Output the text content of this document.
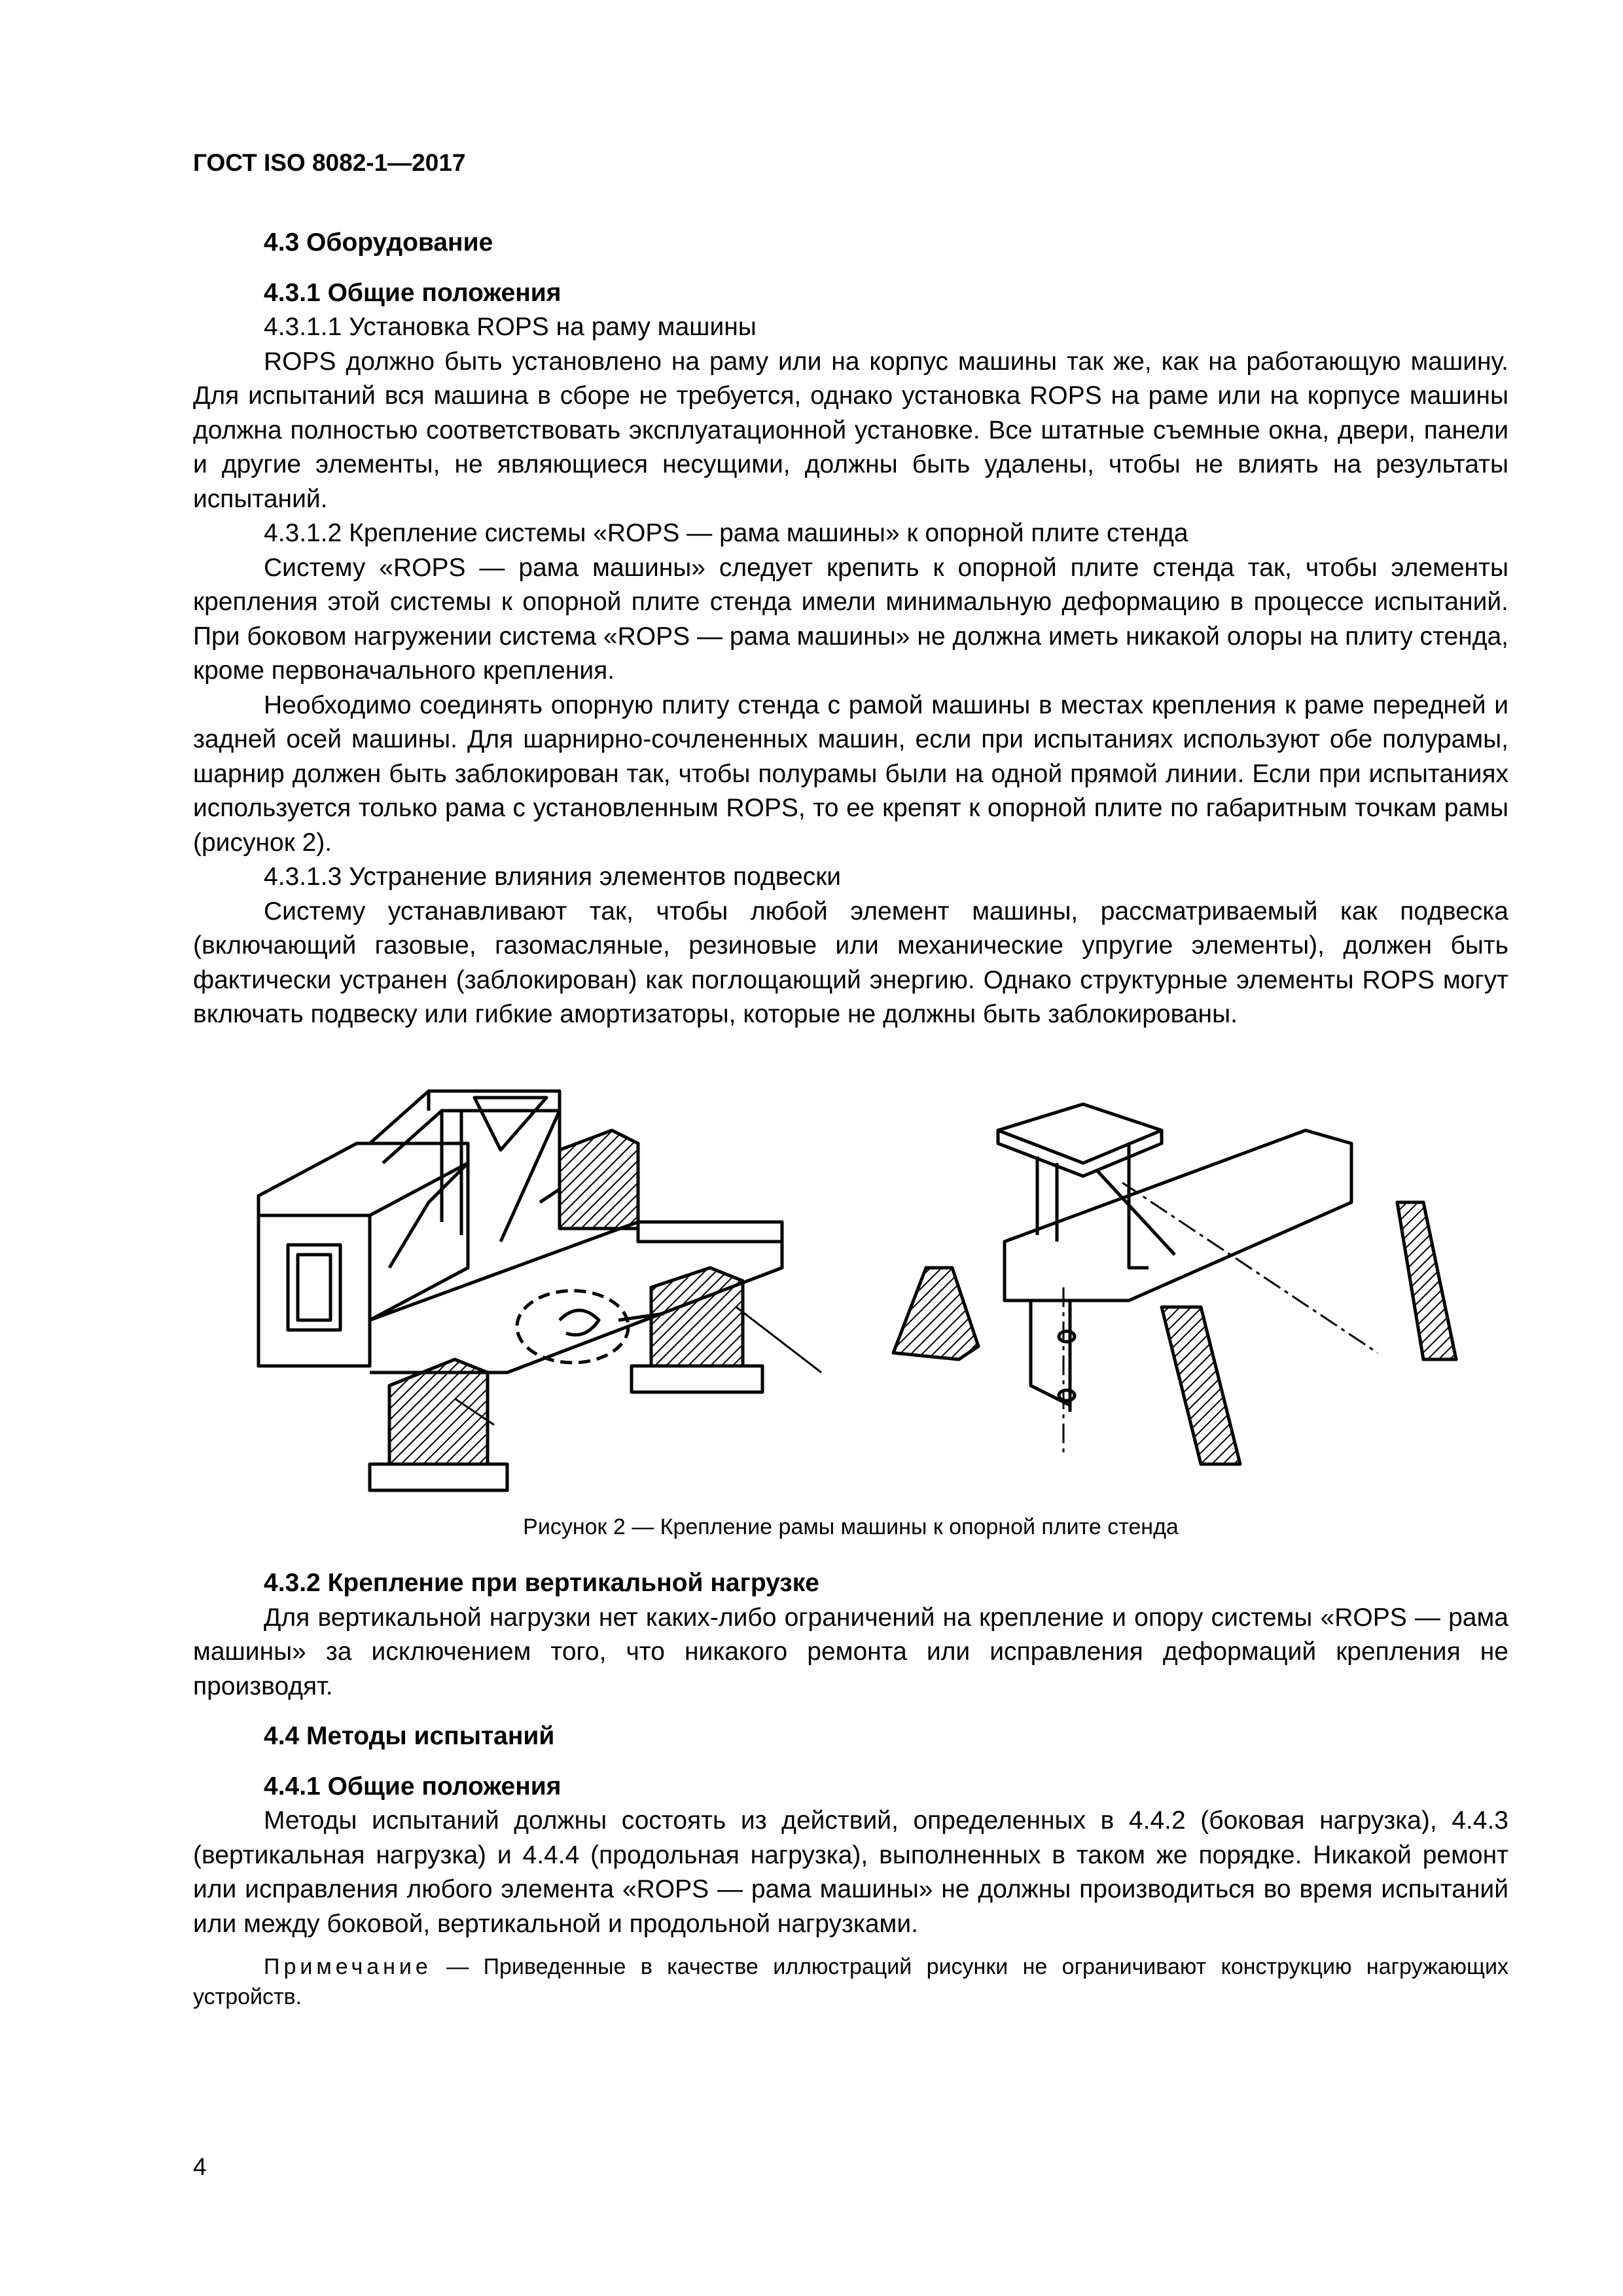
ГОСТ ISO 8082-1—2017

4.3 Оборудование

4.3.1 Общие положения

4.3.1.1 Установка ROPS на раму машины

ROPS должно быть установлено на раму или на корпус машины так же, как на работающую машину. Для испытаний вся машина в сборе не требуется, однако установка ROPS на раме или на корпусе машины должна полностью соответствовать эксплуатационной установке. Все штатные съемные окна, двери, панели и другие элементы, не являющиеся несущими, должны быть удалены, чтобы не влиять на результаты испытаний.

4.3.1.2 Крепление системы «ROPS — рама машины» к опорной плите стенда

Систему «ROPS — рама машины» следует крепить к опорной плите стенда так, чтобы элементы крепления этой системы к опорной плите стенда имели минимальную деформацию в процессе испытаний. При боковом нагружении система «ROPS — рама машины» не должна иметь никакой олоры на плиту стенда, кроме первоначального крепления.

Необходимо соединять опорную плиту стенда с рамой машины в местах крепления к раме передней и задней осей машины. Для шарнирно-сочлененных машин, если при испытаниях используют обе полурамы, шарнир должен быть заблокирован так, чтобы полурамы были на одной прямой линии. Если при испытаниях используется только рама с установленным ROPS, то ее крепят к опорной плите по габаритным точкам рамы (рисунок 2).

4.3.1.3 Устранение влияния элементов подвески

Систему устанавливают так, чтобы любой элемент машины, рассматриваемый как подвеска (включающий газовые, газомасляные, резиновые или механические упругие элементы), должен быть фактически устранен (заблокирован) как поглощающий энергию. Однако структурные элементы ROPS могут включать подвеску или гибкие амортизаторы, которые не должны быть заблокированы.

Рисунок 2 — Крепление рамы машины к опорной плите стенда

4.3.2 Крепление при вертикальной нагрузке

Для вертикальной нагрузки нет каких-либо ограничений на крепление и опору системы «ROPS — рама машины» за исключением того, что никакого ремонта или исправления деформаций крепления не производят.

4.4 Методы испытаний

4.4.1 Общие положения

Методы испытаний должны состоять из действий, определенных в 4.4.2 (боковая нагрузка), 4.4.3 (вертикальная нагрузка) и 4.4.4 (продольная нагрузка), выполненных в таком же порядке. Никакой ремонт или исправления любого элемента «ROPS — рама машины» не должны производиться во время испытаний или между боковой, вертикальной и продольной нагрузками.

Примечание — Приведенные в качестве иллюстраций рисунки не ограничивают конструкцию нагружающих устройств.

4
